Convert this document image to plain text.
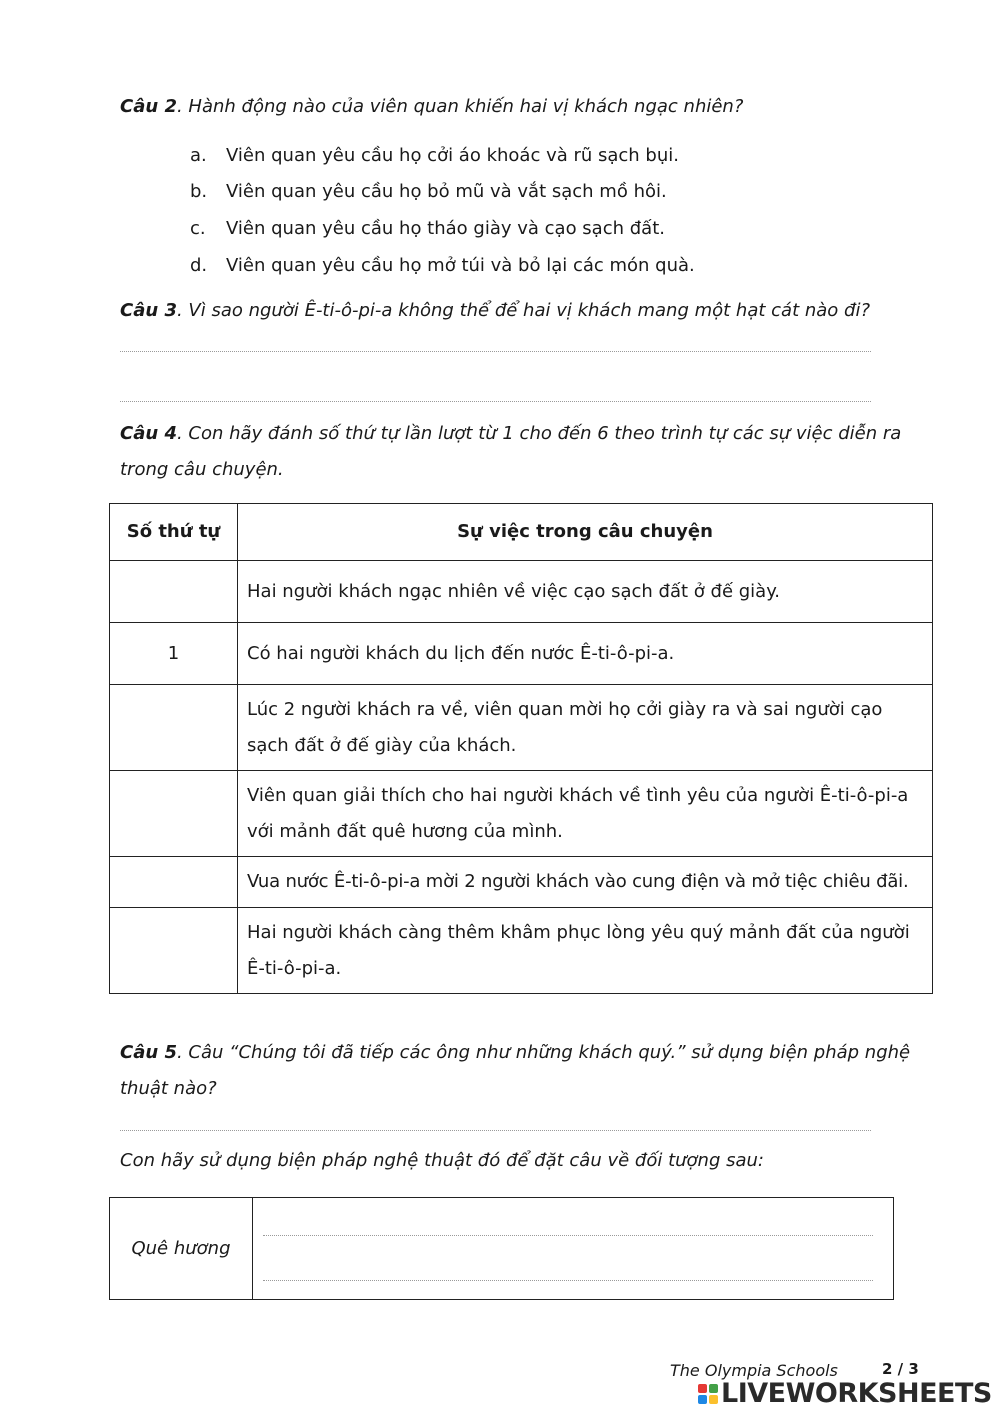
Câu 2. Hành động nào của viên quan khiến hai vị khách ngạc nhiên?
a. Viên quan yêu cầu họ cởi áo khoác và rũ sạch bụi.
b. Viên quan yêu cầu họ bỏ mũ và vắt sạch mồ hôi.
c. Viên quan yêu cầu họ tháo giày và cạo sạch đất.
d. Viên quan yêu cầu họ mở túi và bỏ lại các món quà.
Câu 3. Vì sao người Ê-ti-ô-pi-a không thể để hai vị khách mang một hạt cát nào đi?
Câu 4. Con hãy đánh số thứ tự lần lượt từ 1 cho đến 6 theo trình tự các sự việc diễn ra
trong câu chuyện.
Số thứ tự	Sự việc trong câu chuyện
	Hai người khách ngạc nhiên về việc cạo sạch đất ở đế giày.
1	Có hai người khách du lịch đến nước Ê-ti-ô-pi-a.
	Lúc 2 người khách ra về, viên quan mời họ cởi giày ra và sai người cạo
sạch đất ở đế giày của khách.
	Viên quan giải thích cho hai người khách về tình yêu của người Ê-ti-ô-pi-a
với mảnh đất quê hương của mình.
	Vua nước Ê-ti-ô-pi-a mời 2 người khách vào cung điện và mở tiệc chiêu đãi.
	Hai người khách càng thêm khâm phục lòng yêu quý mảnh đất của người
Ê-ti-ô-pi-a.
Câu 5. Câu “Chúng tôi đã tiếp các ông như những khách quý.” sử dụng biện pháp nghệ
thuật nào?
Con hãy sử dụng biện pháp nghệ thuật đó để đặt câu về đối tượng sau:
Quê hương
The Olympia Schools	2 / 3
LIVEWORKSHEETS
